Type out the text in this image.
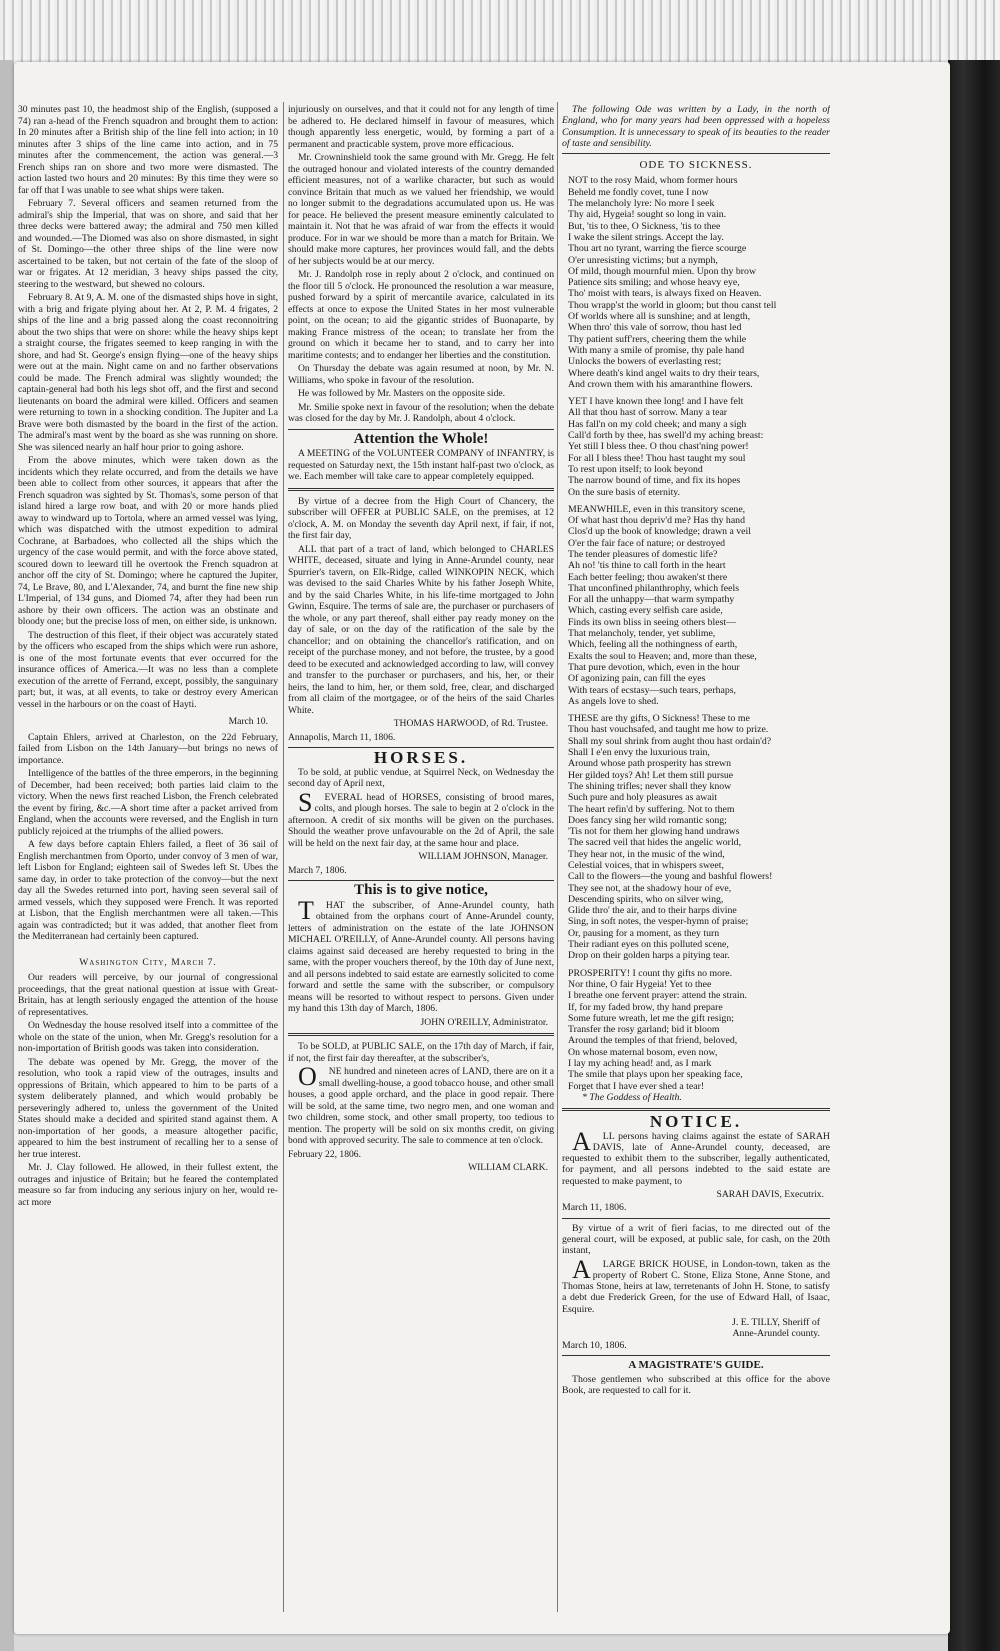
30 minutes past 10, the headmost ship of the English, (supposed a 74) ran a-head of the French squadron and brought them to action: In 20 minutes after a British ship of the line fell into action; in 10 minutes after 3 ships of the line came into action, and in 75 minutes after the commencement, the action was general.—3 French ships ran on shore and two more were dismasted. The action lasted two hours and 20 minutes: By this time they were so far off that I was unable to see what ships were taken.

February 7. Several officers and seamen returned from the admiral's ship the Imperial, that was on shore, and said that her three decks were battered away; the admiral and 750 men killed and wounded.—The Diomed was also on shore dismasted, in sight of St. Domingo—the other three ships of the line were now ascertained to be taken, but not certain of the fate of the sloop of war or frigates. At 12 meridian, 3 heavy ships passed the city, steering to the westward, but shewed no colours.

February 8. At 9, A. M. one of the dismasted ships hove in sight, with a brig and frigate plying about her. At 2, P. M. 4 frigates, 2 ships of the line and a brig passed along the coast reconnoitring about the two ships that were on shore: while the heavy ships kept a straight course, the frigates seemed to keep ranging in with the shore, and had St. George's ensign flying—one of the heavy ships were out at the main. Night came on and no farther observations could be made. The French admiral was slightly wounded; the captain-general had both his legs shot off, and the first and second lieutenants on board the admiral were killed. Officers and seamen were returning to town in a shocking condition. The Jupiter and La Brave were both dismasted by the board in the first of the action. The admiral's mast went by the board as she was running on shore. She was silenced nearly an half hour prior to going ashore.

From the above minutes, which were taken down as the incidents which they relate occurred, and from the details we have been able to collect from other sources, it appears that after the French squadron was sighted by St. Thomas's, some person of that island hired a large row boat, and with 20 or more hands plied away to windward up to Tortola, where an armed vessel was lying, which was dispatched with the utmost expedition to admiral Cochrane, at Barbadoes, who collected all the ships which the urgency of the case would permit, and with the force above stated, scoured down to leeward till he overtook the French squadron at anchor off the city of St. Domingo; where he captured the Jupiter, 74, Le Brave, 80, and L'Alexander, 74, and burnt the fine new ship L'Imperial, of 134 guns, and Diomed 74, after they had been run ashore by their own officers. The action was an obstinate and bloody one; but the precise loss of men, on either side, is unknown.

The destruction of this fleet, if their object was accurately stated by the officers who escaped from the ships which were run ashore, is one of the most fortunate events that ever occurred for the insurance offices of America.—It was no less than a complete execution of the arrette of Ferrand, except, possibly, the sanguinary part; but, it was, at all events, to take or destroy every American vessel in the harbours or on the coast of Hayti.

March 10.

Captain Ehlers, arrived at Charleston, on the 22d February, failed from Lisbon on the 14th January—but brings no news of importance.

Intelligence of the battles of the three emperors, in the beginning of December, had been received; both parties laid claim to the victory. When the news first reached Lisbon, the French celebrated the event by firing, &c.—A short time after a packet arrived from England, when the accounts were reversed, and the English in turn publicly rejoiced at the triumphs of the allied powers.

A few days before captain Ehlers failed, a fleet of 36 sail of English merchantmen from Oporto, under convoy of 3 men of war, left Lisbon for England; eighteen sail of Swedes left St. Ubes the same day, in order to take protection of the convoy—but the next day all the Swedes returned into port, having seen several sail of armed vessels, which they supposed were French. It was reported at Lisbon, that the English merchantmen were all taken.—This again was contradicted; but it was added, that another fleet from the Mediterranean had certainly been captured.

Washington City, March 7.

Our readers will perceive, by our journal of congressional proceedings, that the great national question at issue with Great-Britain, has at length seriously engaged the attention of the house of representatives.

On Wednesday the house resolved itself into a committee of the whole on the state of the union, when Mr. Gregg's resolution for a non-importation of British goods was taken into consideration.

The debate was opened by Mr. Gregg, the mover of the resolution, who took a rapid view of the outrages, insults and oppressions of Britain, which appeared to him to be parts of a system deliberately planned, and which would probably be perseveringly adhered to, unless the government of the United States should make a decided and spirited stand against them. A non-importation of her goods, a measure altogether pacific, appeared to him the best instrument of recalling her to a sense of her true interest.

Mr. J. Clay followed. He allowed, in their fullest extent, the outrages and injustice of Britain; but he feared the contemplated measure so far from inducing any serious injury on her, would re-act more

injuriously on ourselves, and that it could not for any length of time be adhered to. He declared himself in favour of measures, which though apparently less energetic, would, by forming a part of a permanent and practicable system, prove more efficacious.

Mr. Crowninshield took the same ground with Mr. Gregg. He felt the outraged honour and violated interests of the country demanded efficient measures, not of a warlike character, but such as would convince Britain that much as we valued her friendship, we would no longer submit to the degradations accumulated upon us. He was for peace. He believed the present measure eminently calculated to maintain it. Not that he was afraid of war from the effects it would produce. For in war we should be more than a match for Britain. We should make more captures, her provinces would fall, and the debts of her subjects would be at our mercy.

Mr. J. Randolph rose in reply about 2 o'clock, and continued on the floor till 5 o'clock. He pronounced the resolution a war measure, pushed forward by a spirit of mercantile avarice, calculated in its effects at once to expose the United States in her most vulnerable point, on the ocean; to aid the gigantic strides of Buonaparte, by making France mistress of the ocean; to translate her from the ground on which it became her to stand, and to carry her into maritime contests; and to endanger her liberties and the constitution.

On Thursday the debate was again resumed at noon, by Mr. N. Williams, who spoke in favour of the resolution.

He was followed by Mr. Masters on the opposite side.

Mr. Smilie spoke next in favour of the resolution; when the debate was closed for the day by Mr. J. Randolph, about 4 o'clock.

Attention the Whole!

A MEETING of the VOLUNTEER COMPANY of INFANTRY, is requested on Saturday next, the 15th instant half-past two o'clock, as we. Each member will take care to appear completely equipped.

By virtue of a decree from the High Court of Chancery, the subscriber will OFFER at PUBLIC SALE, on the premises, at 12 o'clock, A. M. on Monday the seventh day April next, if fair, if not, the first fair day,

ALL that part of a tract of land, which belonged to CHARLES WHITE, deceased, situate and lying in Anne-Arundel county, near Spurrier's tavern, on Elk-Ridge, called WINKOPIN NECK, which was devised to the said Charles White by his father Joseph White, and by the said Charles White, in his life-time mortgaged to John Gwinn, Esquire. The terms of sale are, the purchaser or purchasers of the whole, or any part thereof, shall either pay ready money on the day of sale, or on the day of the ratification of the sale by the chancellor; and on obtaining the chancellor's ratification, and on receipt of the purchase money, and not before, the trustee, by a good deed to be executed and acknowledged according to law, will convey and transfer to the purchaser or purchasers, and his, her, or their heirs, the land to him, her, or them sold, free, clear, and discharged from all claim of the mortgagee, or of the heirs of the said Charles White.

THOMAS HARWOOD, of Rd. Trustee.

Annapolis, March 11, 1806.

HORSES.

To be sold, at public vendue, at Squirrel Neck, on Wednesday the second day of April next,

SEVERAL head of HORSES, consisting of brood mares, colts, and plough horses. The sale to begin at 2 o'clock in the afternoon. A credit of six months will be given on the purchases. Should the weather prove unfavourable on the 2d of April, the sale will be held on the next fair day, at the same hour and place.

WILLIAM JOHNSON, Manager.

March 7, 1806.

This is to give notice,

THAT the subscriber, of Anne-Arundel county, hath obtained from the orphans court of Anne-Arundel county, letters of administration on the estate of the late JOHNSON MICHAEL O'REILLY, of Anne-Arundel county. All persons having claims against said deceased are hereby requested to bring in the same, with the proper vouchers thereof, by the 10th day of June next, and all persons indebted to said estate are earnestly solicited to come forward and settle the same with the subscriber, or compulsory means will be resorted to without respect to persons. Given under my hand this 13th day of March, 1806.

JOHN O'REILLY, Administrator.

To be SOLD, at PUBLIC SALE, on the 17th day of March, if fair, if not, the first fair day thereafter, at the subscriber's,

ONE hundred and nineteen acres of LAND, there are on it a small dwelling-house, a good tobacco house, and other small houses, a good apple orchard, and the place in good repair. There will be sold, at the same time, two negro men, and one woman and two children, some stock, and other small property, too tedious to mention. The property will be sold on six months credit, on giving bond with approved security. The sale to commence at ten o'clock.

February 22, 1806.

WILLIAM CLARK.

The following Ode was written by a Lady, in the north of England, who for many years had been oppressed with a hopeless Consumption. It is unnecessary to speak of its beauties to the reader of taste and sensibility.

ODE TO SICKNESS.

NOT to the rosy Maid, whom former hours

Beheld me fondly covet, tune I now

The melancholy lyre: No more I seek

Thy aid, Hygeia! sought so long in vain.

But, 'tis to thee, O Sickness, 'tis to thee

I wake the silent strings. Accept the lay.

Thou art no tyrant, warring the fierce scourge

O'er unresisting victims; but a nymph,

Of mild, though mournful mien. Upon thy brow

Patience sits smiling; and whose heavy eye,

Tho' moist with tears, is always fixed on Heaven.

Thou wrapp'st the world in gloom; but thou canst tell

Of worlds where all is sunshine; and at length,

When thro' this vale of sorrow, thou hast led

Thy patient suff'rers, cheering them the while

With many a smile of promise, thy pale hand

Unlocks the bowers of everlasting rest;

Where death's kind angel waits to dry their tears,

And crown them with his amaranthine flowers.

YET I have known thee long! and I have felt

All that thou hast of sorrow. Many a tear

Has fall'n on my cold cheek; and many a sigh

Call'd forth by thee, has swell'd my aching breast:

Yet still I bless thee. O thou chast'ning power!

For all I bless thee! Thou hast taught my soul

To rest upon itself; to look beyond

The narrow bound of time, and fix its hopes

On the sure basis of eternity.

MEANWHILE, even in this transitory scene,

Of what hast thou depriv'd me? Has thy hand

Clos'd up the book of knowledge; drawn a veil

O'er the fair face of nature; or destroyed

The tender pleasures of domestic life?

Ah no! 'tis thine to call forth in the heart

Each better feeling; thou awaken'st there

That unconfined philanthrophy, which feels

For all the unhappy—that warm sympathy

Which, casting every selfish care aside,

Finds its own bliss in seeing others blest—

That melancholy, tender, yet sublime,

Which, feeling all the nothingness of earth,

Exalts the soul to Heaven; and, more than these,

That pure devotion, which, even in the hour

Of agonizing pain, can fill the eyes

With tears of ecstasy—such tears, perhaps,

As angels love to shed.

THESE are thy gifts, O Sickness! These to me

Thou hast vouchsafed, and taught me how to prize.

Shall my soul shrink from aught thou hast ordain'd?

Shall I e'en envy the luxurious train,

Around whose path prosperity has strewn

Her gilded toys? Ah! Let them still pursue

The shining trifles; never shall they know

Such pure and holy pleasures as await

The heart refin'd by suffering. Not to them

Does fancy sing her wild romantic song;

'Tis not for them her glowing hand undraws

The sacred veil that hides the angelic world,

They hear not, in the music of the wind,

Celestial voices, that in whispers sweet,

Call to the flowers—the young and bashful flowers!

They see not, at the shadowy hour of eve,

Descending spirits, who on silver wing,

Glide thro' the air, and to their harps divine

Sing, in soft notes, the vesper-hymn of praise;

Or, pausing for a moment, as they turn

Their radiant eyes on this polluted scene,

Drop on their golden harps a pitying tear.

PROSPERITY! I count thy gifts no more.

Nor thine, O fair Hygeia! Yet to thee

I breathe one fervent prayer: attend the strain.

If, for my faded brow, thy hand prepare

Some future wreath, let me the gift resign;

Transfer the rosy garland; bid it bloom

Around the temples of that friend, beloved,

On whose maternal bosom, even now,

I lay my aching head! and, as I mark

The smile that plays upon her speaking face,

Forget that I have ever shed a tear!

* The Goddess of Health.

NOTICE.

ALL persons having claims against the estate of SARAH DAVIS, late of Anne-Arundel county, deceased, are requested to exhibit them to the subscriber, legally authenticated, for payment, and all persons indebted to the said estate are requested to make payment, to

SARAH DAVIS, Executrix.

March 11, 1806.

By virtue of a writ of fieri facias, to me directed out of the general court, will be exposed, at public sale, for cash, on the 20th instant,

ALARGE BRICK HOUSE, in London-town, taken as the property of Robert C. Stone, Eliza Stone, Anne Stone, and Thomas Stone, heirs at law, terretenants of John H. Stone, to satisfy a debt due Frederick Green, for the use of Edward Hall, of Isaac, Esquire.

J. E. TILLY, Sheriff of

Anne-Arundel county.

March 10, 1806.

A MAGISTRATE'S GUIDE.

Those gentlemen who subscribed at this office for the above Book, are requested to call for it.
